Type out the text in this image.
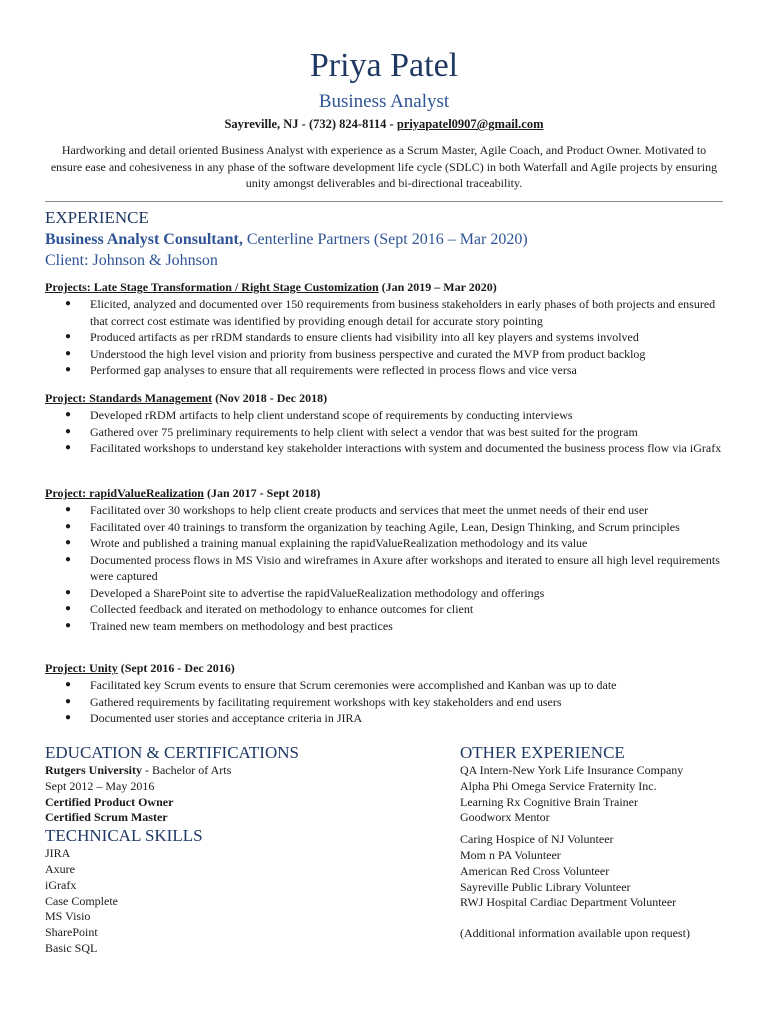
Priya Patel
Business Analyst
Sayreville, NJ - (732) 824-8114 - priyapatel0907@gmail.com
Hardworking and detail oriented Business Analyst with experience as a Scrum Master, Agile Coach, and Product Owner. Motivated to ensure ease and cohesiveness in any phase of the software development life cycle (SDLC) in both Waterfall and Agile projects by ensuring unity amongst deliverables and bi-directional traceability.
EXPERIENCE
Business Analyst Consultant, Centerline Partners (Sept 2016 – Mar 2020)
Client: Johnson & Johnson
Projects: Late Stage Transformation / Right Stage Customization (Jan 2019 – Mar 2020)
● Elicited, analyzed and documented over 150 requirements from business stakeholders in early phases of both projects and ensured that correct cost estimate was identified by providing enough detail for accurate story pointing
● Produced artifacts as per rRDM standards to ensure clients had visibility into all key players and systems involved
● Understood the high level vision and priority from business perspective and curated the MVP from product backlog
● Performed gap analyses to ensure that all requirements were reflected in process flows and vice versa
Project: Standards Management (Nov 2018 - Dec 2018)
● Developed rRDM artifacts to help client understand scope of requirements by conducting interviews
● Gathered over 75 preliminary requirements to help client with select a vendor that was best suited for the program
● Facilitated workshops to understand key stakeholder interactions with system and documented the business process flow via iGrafx
Project: rapidValueRealization (Jan 2017 - Sept 2018)
● Facilitated over 30 workshops to help client create products and services that meet the unmet needs of their end user
● Facilitated over 40 trainings to transform the organization by teaching Agile, Lean, Design Thinking, and Scrum principles
● Wrote and published a training manual explaining the rapidValueRealization methodology and its value
● Documented process flows in MS Visio and wireframes in Axure after workshops and iterated to ensure all high level requirements were captured
● Developed a SharePoint site to advertise the rapidValueRealization methodology and offerings
● Collected feedback and iterated on methodology to enhance outcomes for client
● Trained new team members on methodology and best practices
Project: Unity (Sept 2016 - Dec 2016)
● Facilitated key Scrum events to ensure that Scrum ceremonies were accomplished and Kanban was up to date
● Gathered requirements by facilitating requirement workshops with key stakeholders and end users
● Documented user stories and acceptance criteria in JIRA
EDUCATION & CERTIFICATIONS
Rutgers University - Bachelor of Arts
Sept 2012 – May 2016
Certified Product Owner
Certified Scrum Master
TECHNICAL SKILLS
JIRA
Axure
iGrafx
Case Complete
MS Visio
SharePoint
Basic SQL
OTHER EXPERIENCE
QA Intern-New York Life Insurance Company
Alpha Phi Omega Service Fraternity Inc.
Learning Rx Cognitive Brain Trainer
Goodworx Mentor
Caring Hospice of NJ Volunteer
Mom n PA Volunteer
American Red Cross Volunteer
Sayreville Public Library Volunteer
RWJ Hospital Cardiac Department Volunteer
(Additional information available upon request)
